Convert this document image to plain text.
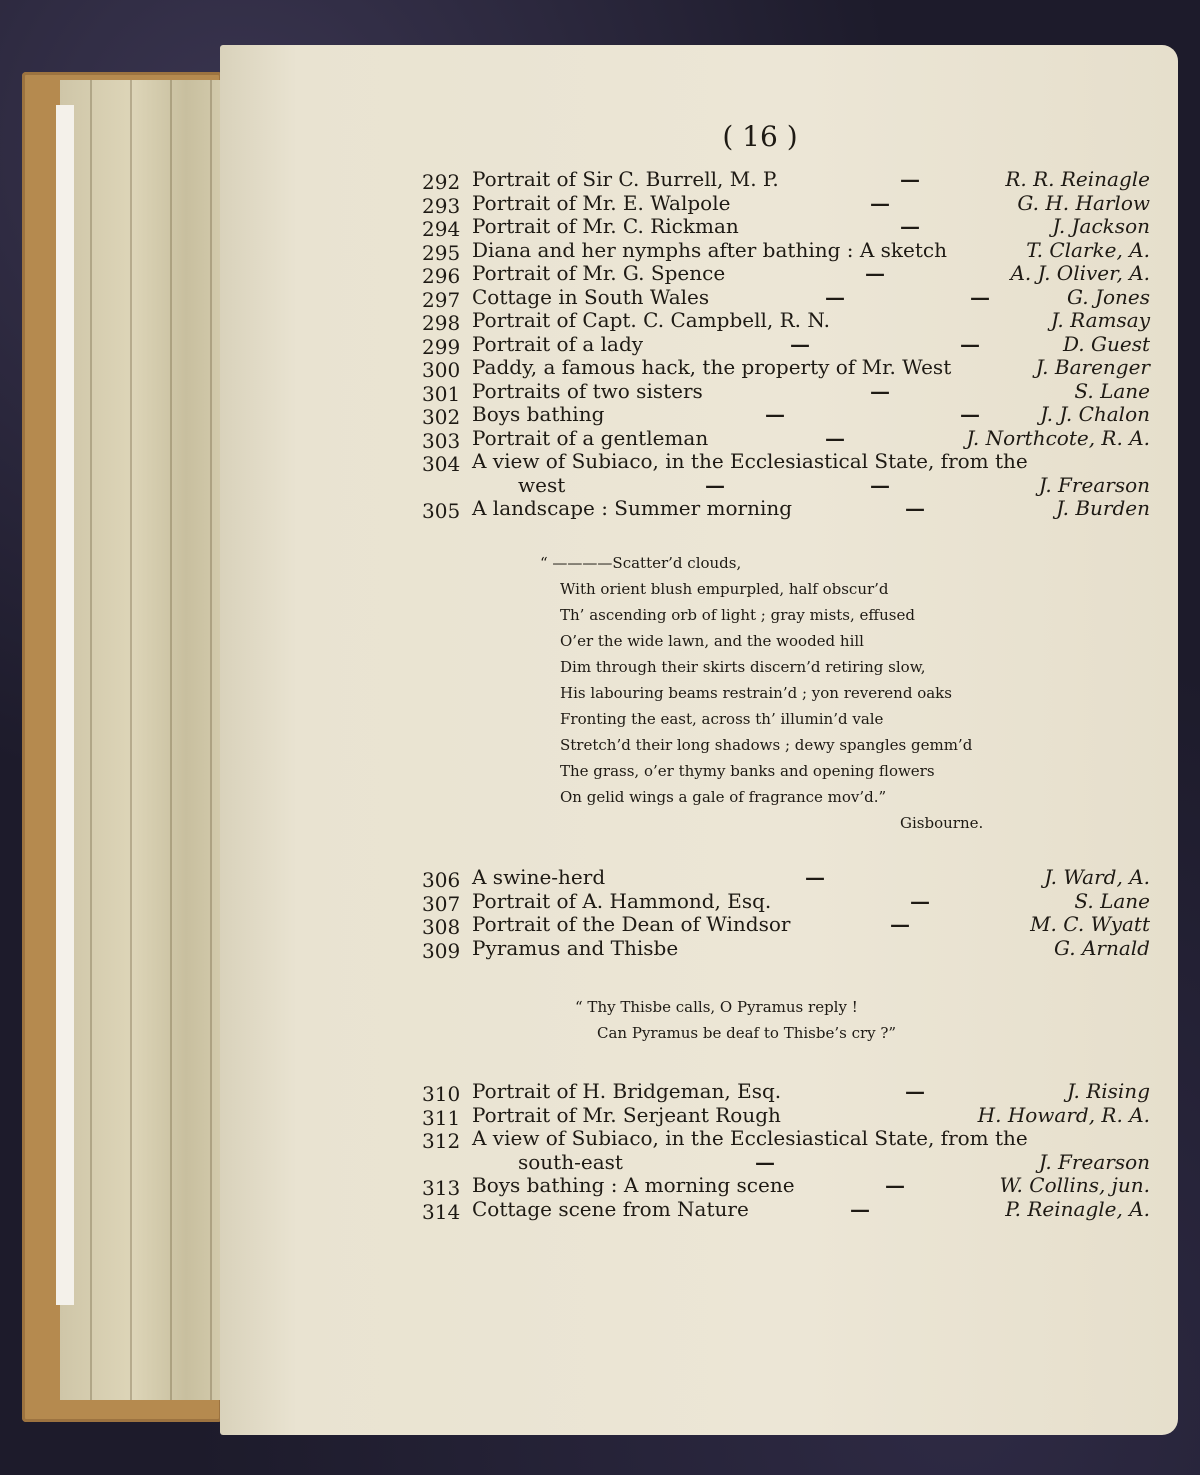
( 16 )
292 Portrait of Sir C. Burrell, M. P.	—	R. R. Reinagle
293 Portrait of Mr. E. Walpole	—	G. H. Harlow
294 Portrait of Mr. C. Rickman	—	J. Jackson
295 Diana and her nymphs after bathing : A sketch	T. Clarke, A.
296 Portrait of Mr. G. Spence	—	A. J. Oliver, A.
297 Cottage in South Wales	—	—	G. Jones
298 Portrait of Capt. C. Campbell, R. N.	J. Ramsay
299 Portrait of a lady	—	—	D. Guest
300 Paddy, a famous hack, the property of Mr. West	J. Barenger
301 Portraits of two sisters	—	S. Lane
302 Boys bathing	—	—	J. J. Chalon
303 Portrait of a gentleman	—	J. Northcote, R. A.
304 A view of Subiaco, in the Ecclesiastical State, from the
west	—	—	J. Frearson
305 A landscape : Summer morning	—	J. Burden
“ ————Scatter’d clouds,
With orient blush empurpled, half obscur’d
Th’ ascending orb of light ; gray mists, effused
O’er the wide lawn, and the wooded hill
Dim through their skirts discern’d retiring slow,
His labouring beams restrain’d ; yon reverend oaks
Fronting the east, across th’ illumin’d vale
Stretch’d their long shadows ; dewy spangles gemm’d
The grass, o’er thymy banks and opening flowers
On gelid wings a gale of fragrance mov’d.”
Gisbourne.
306 A swine-herd	—	J. Ward, A.
307 Portrait of A. Hammond, Esq.	—	S. Lane
308 Portrait of the Dean of Windsor	—	M. C. Wyatt
309 Pyramus and Thisbe	G. Arnald
“ Thy Thisbe calls, O Pyramus reply !
Can Pyramus be deaf to Thisbe’s cry ?”
310 Portrait of H. Bridgeman, Esq.	—	J. Rising
311 Portrait of Mr. Serjeant Rough	H. Howard, R. A.
312 A view of Subiaco, in the Ecclesiastical State, from the
south-east	—	J. Frearson
313 Boys bathing : A morning scene	—	W. Collins, jun.
314 Cottage scene from Nature	—	P. Reinagle, A.
